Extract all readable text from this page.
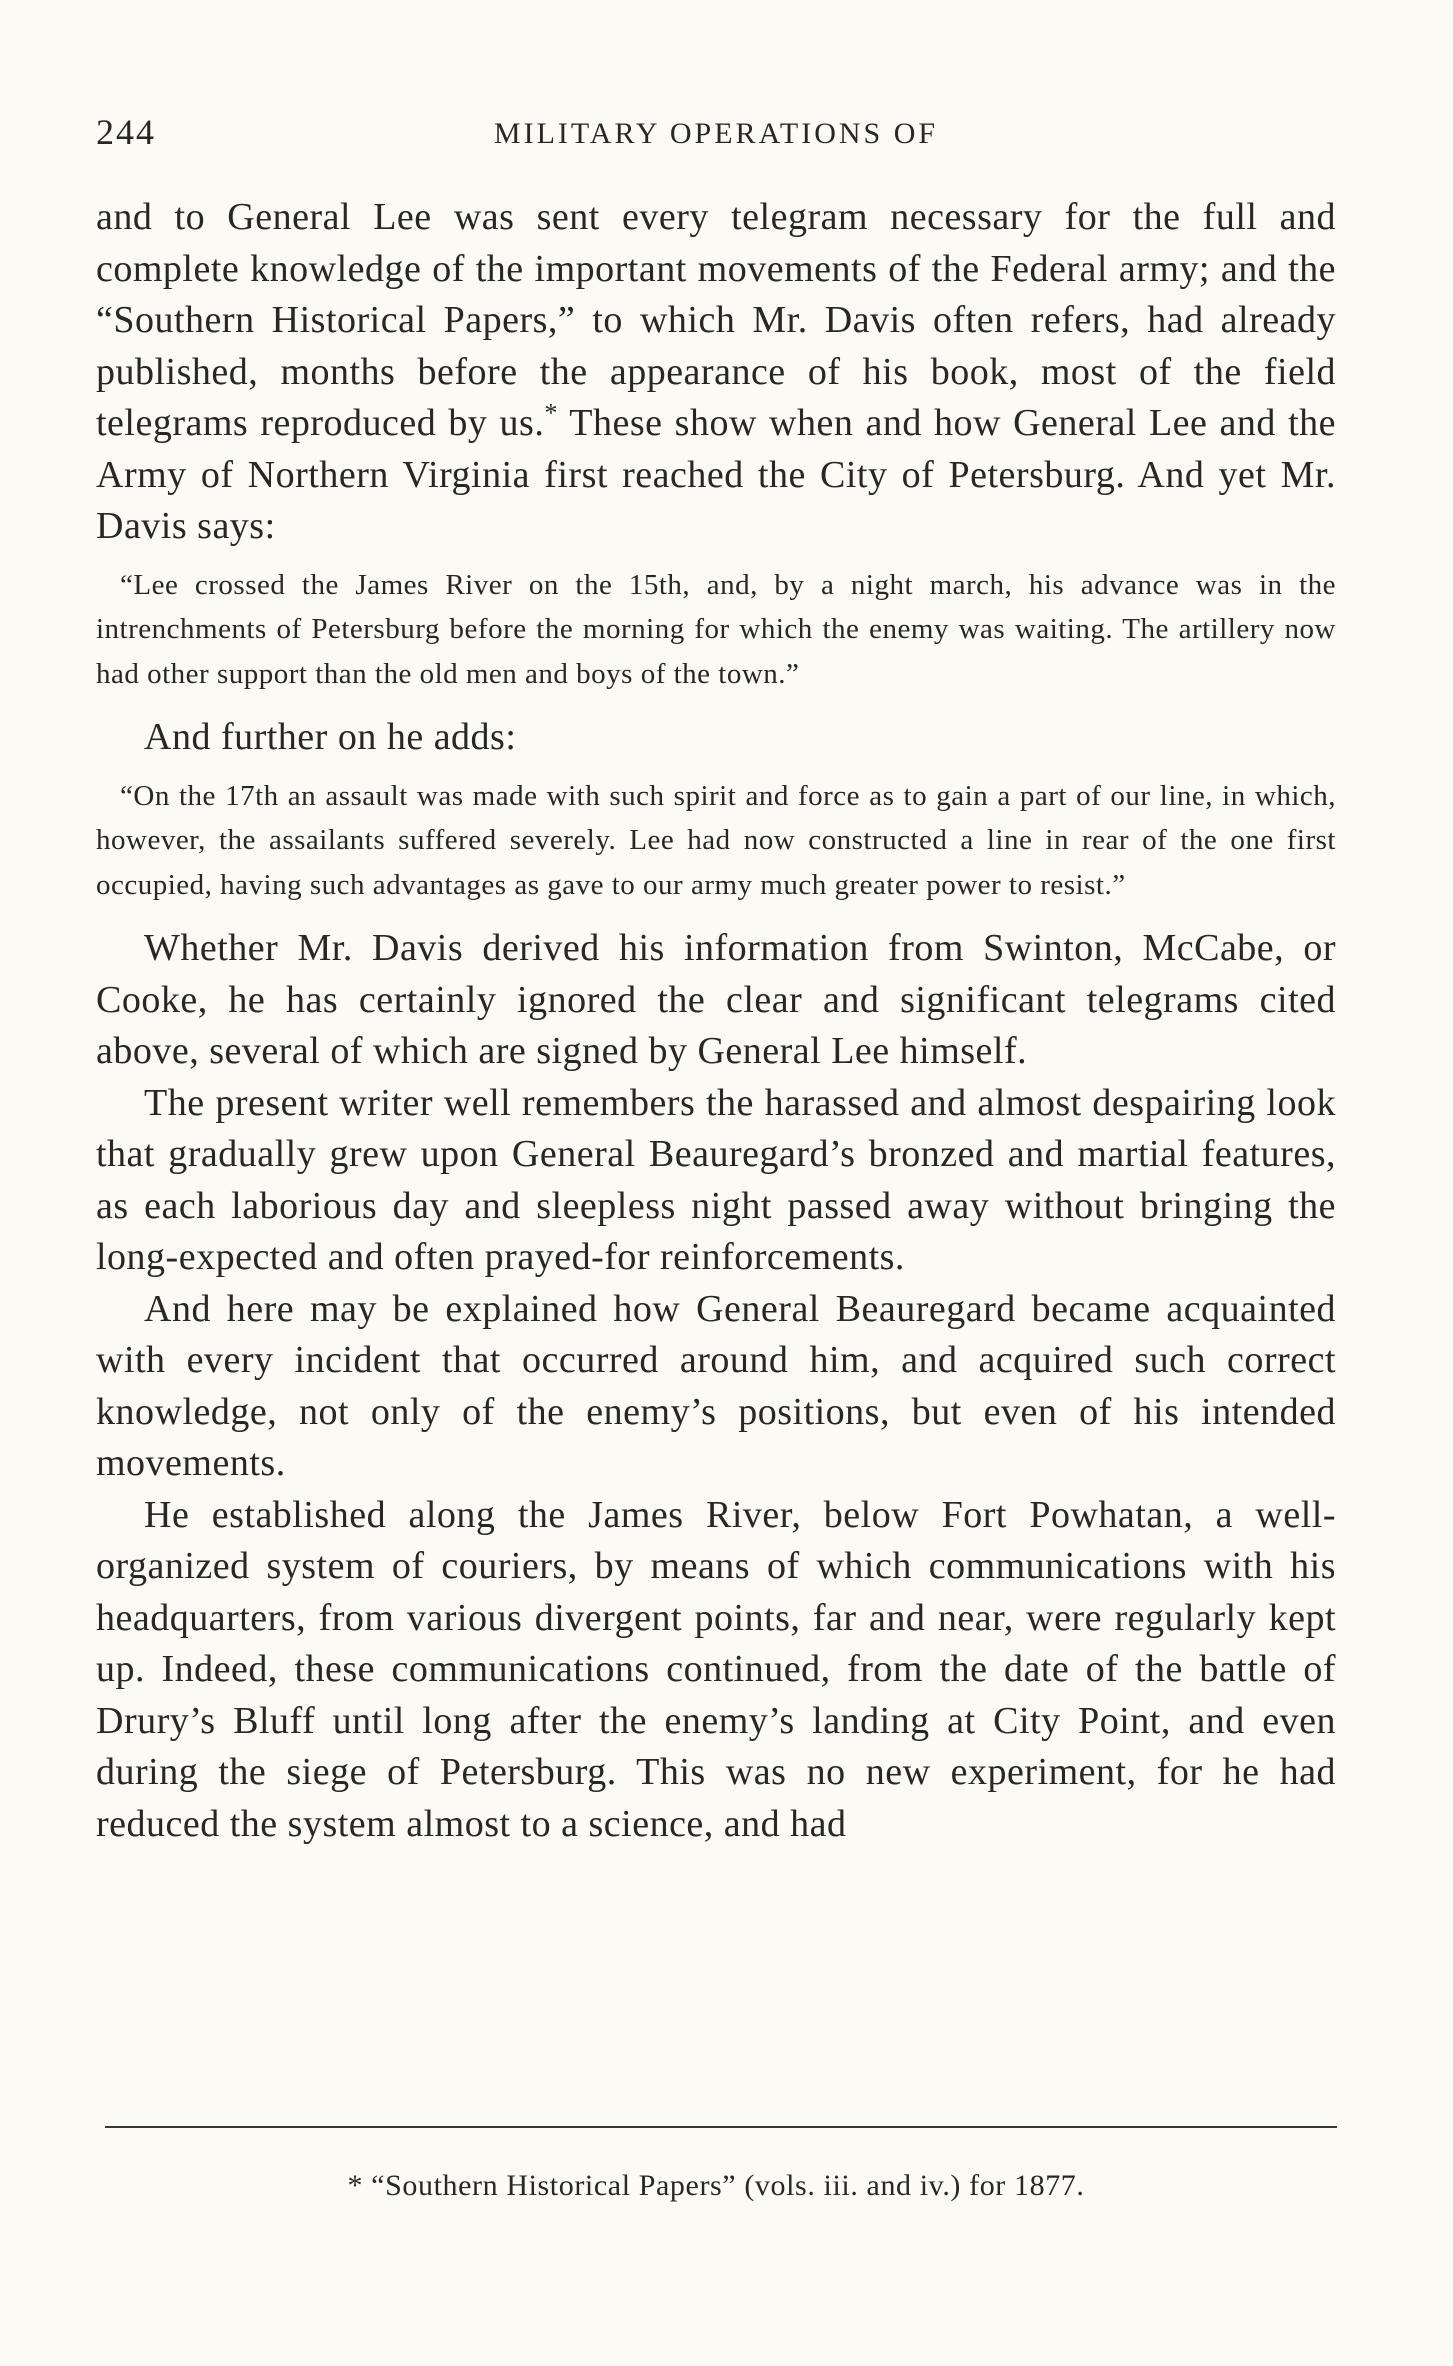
244	MILITARY OPERATIONS OF

and to General Lee was sent every telegram necessary for the full and complete knowledge of the important movements of the Federal army; and the “Southern Historical Papers,” to which Mr. Davis often refers, had already published, months before the appearance of his book, most of the field telegrams reproduced by us.* These show when and how General Lee and the Army of Northern Virginia first reached the City of Petersburg. And yet Mr. Davis says:

“Lee crossed the James River on the 15th, and, by a night march, his advance was in the intrenchments of Petersburg before the morning for which the enemy was waiting. The artillery now had other support than the old men and boys of the town.”

And further on he adds:

“On the 17th an assault was made with such spirit and force as to gain a part of our line, in which, however, the assailants suffered severely. Lee had now constructed a line in rear of the one first occupied, having such advantages as gave to our army much greater power to resist.”

Whether Mr. Davis derived his information from Swinton, McCabe, or Cooke, he has certainly ignored the clear and significant telegrams cited above, several of which are signed by General Lee himself.

The present writer well remembers the harassed and almost despairing look that gradually grew upon General Beauregard’s bronzed and martial features, as each laborious day and sleepless night passed away without bringing the long-expected and often prayed-for reinforcements.

And here may be explained how General Beauregard became acquainted with every incident that occurred around him, and acquired such correct knowledge, not only of the enemy’s positions, but even of his intended movements.

He established along the James River, below Fort Powhatan, a well-organized system of couriers, by means of which communications with his headquarters, from various divergent points, far and near, were regularly kept up. Indeed, these communications continued, from the date of the battle of Drury’s Bluff until long after the enemy’s landing at City Point, and even during the siege of Petersburg. This was no new experiment, for he had reduced the system almost to a science, and had

* “Southern Historical Papers” (vols. iii. and iv.) for 1877.
